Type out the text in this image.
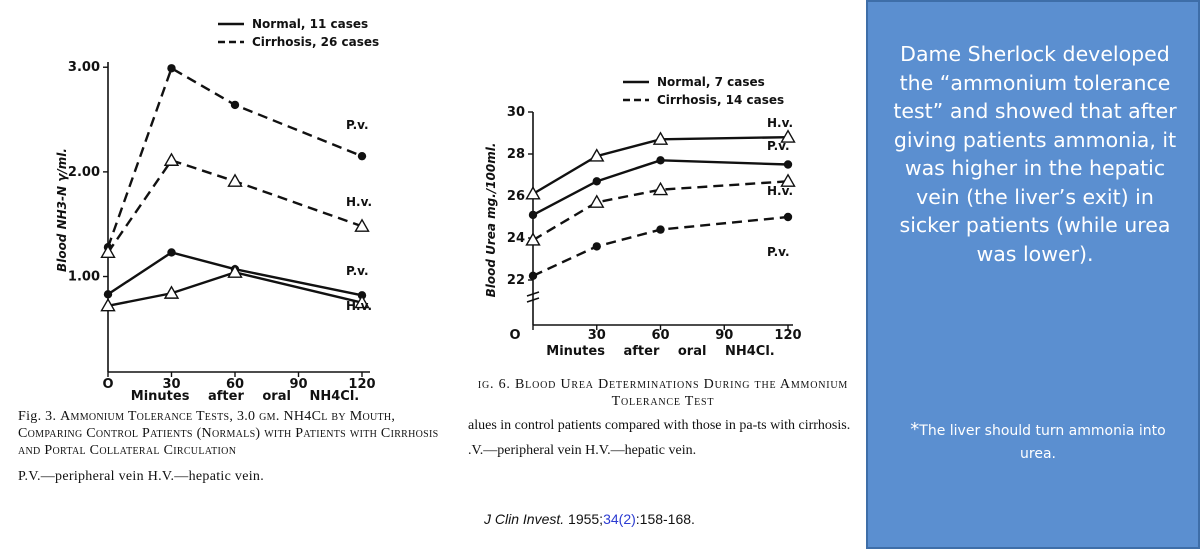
1.00
2.00
3.00
O	30	60	90	120
Minutes after oral NH4Cl.
Blood NH3-N γ/ml.
Normal, 11 cases
Cirrhosis, 26 cases
P.v.
H.v.
P.v.
H.v.
22
24
26
28
30
O	30	60	90	120
Minutes after oral NH4Cl.
Blood Urea mg./100ml.
Normal, 7 cases
Cirrhosis, 14 cases
H.v.
P.v.
H.v.
P.v.
Fig. 3. Ammonium Tolerance Tests, 3.0 gm. NH4Cl by Mouth, Comparing Control Patients (Normals) with Patients with Cirrhosis and Portal Collateral Circulation
P.V.—peripheral vein H.V.—hepatic vein.
ig. 6. Blood Urea Determinations During the Ammonium Tolerance Test
alues in control patients compared with those in pa-ts with cirrhosis.
.V.—peripheral vein H.V.—hepatic vein.
J Clin Invest. 1955;34(2):158-168.
Dame Sherlock developed the “ammonium tolerance test” and showed that after giving patients ammonia, it was higher in the hepatic vein (the liver’s exit) in sicker patients (while urea was lower).
*The liver should turn ammonia into urea.
